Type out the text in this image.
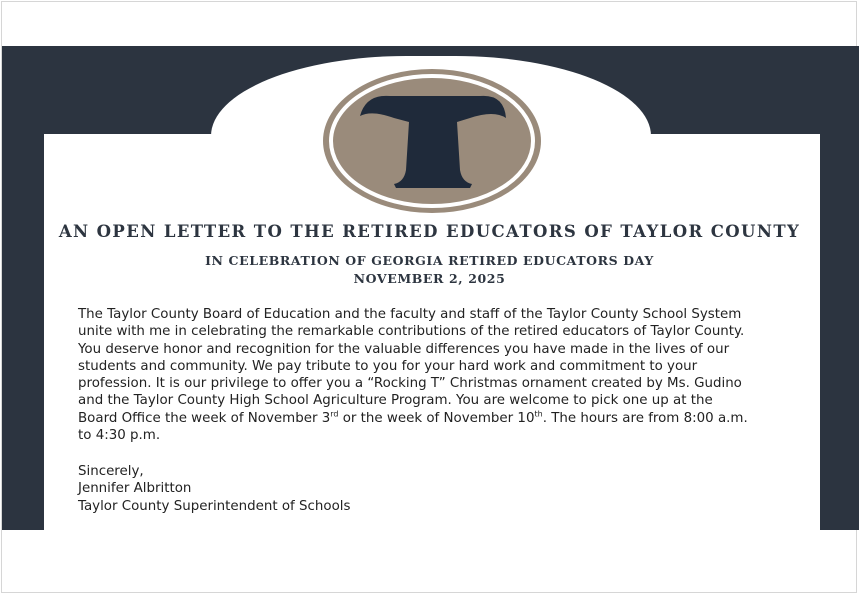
AN OPEN LETTER TO THE RETIRED EDUCATORS OF TAYLOR COUNTY

IN CELEBRATION OF GEORGIA RETIRED EDUCATORS DAY

NOVEMBER 2, 2025

The Taylor County Board of Education and the faculty and staff of the Taylor County School System
unite with me in celebrating the remarkable contributions of the retired educators of Taylor County.
You deserve honor and recognition for the valuable differences you have made in the lives of our
students and community. We pay tribute to you for your hard work and commitment to your
profession. It is our privilege to offer you a “Rocking T” Christmas ornament created by Ms. Gudino
and the Taylor County High School Agriculture Program. You are welcome to pick one up at the
Board Office the week of November 3rd or the week of November 10th. The hours are from 8:00 a.m.
to 4:30 p.m.
Sincerely,
Jennifer Albritton
Taylor County Superintendent of Schools
